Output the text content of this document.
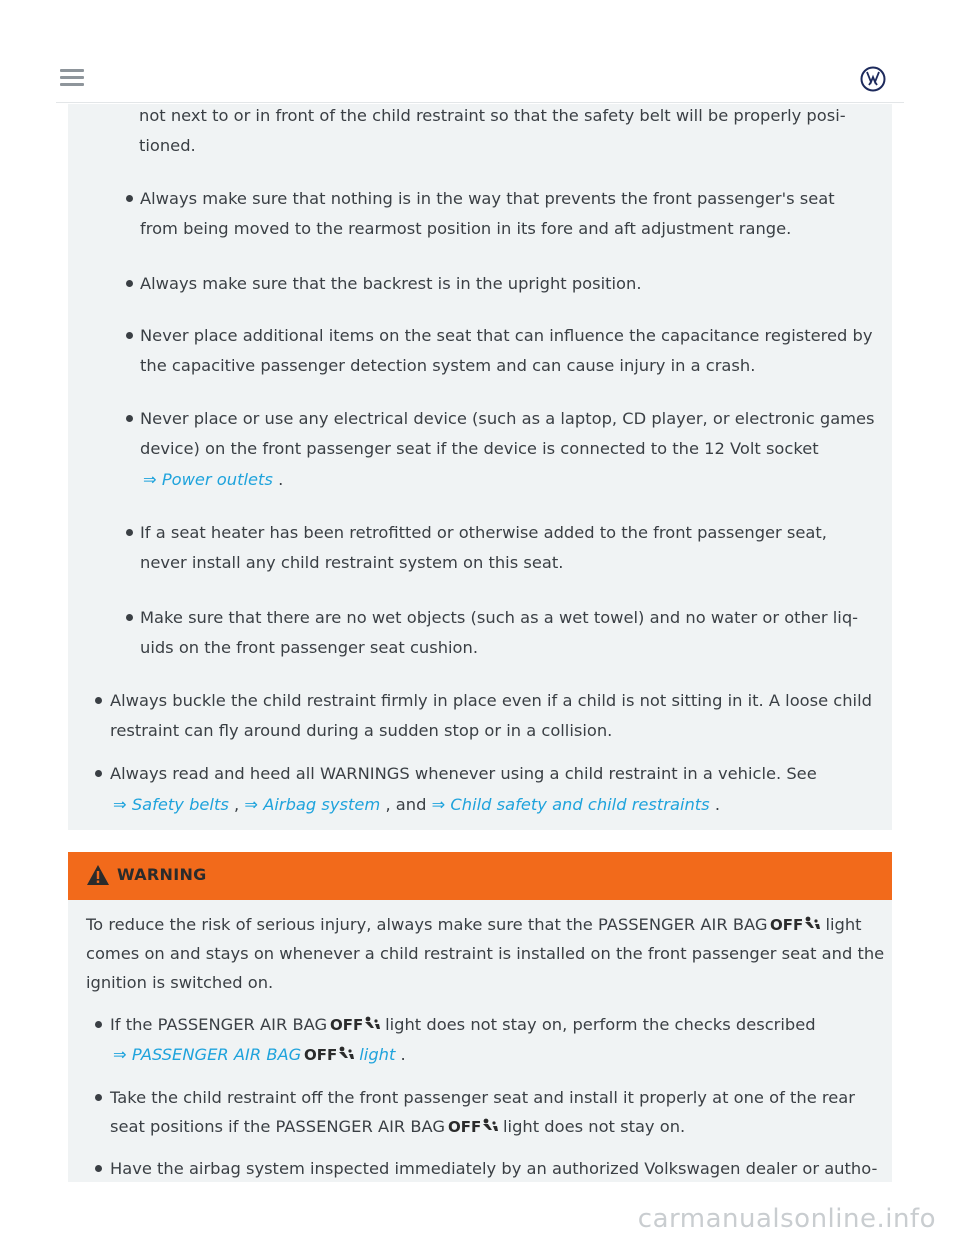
not next to or in front of the child restraint so that the safety belt will be properly posi-
tioned.
Always make sure that nothing is in the way that prevents the front passenger's seat
from being moved to the rearmost position in its fore and aft adjustment range.
Always make sure that the backrest is in the upright position.
Never place additional items on the seat that can influence the capacitance registered by
the capacitive passenger detection system and can cause injury in a crash.
Never place or use any electrical device (such as a laptop, CD player, or electronic games
device) on the front passenger seat if the device is connected to the 12 Volt socket
⇒ Power outlets .
If a seat heater has been retrofitted or otherwise added to the front passenger seat,
never install any child restraint system on this seat.
Make sure that there are no wet objects (such as a wet towel) and no water or other liq-
uids on the front passenger seat cushion.
Always buckle the child restraint firmly in place even if a child is not sitting in it. A loose child
restraint can fly around during a sudden stop or in a collision.
Always read and heed all WARNINGS whenever using a child restraint in a vehicle. See
⇒ Safety belts , ⇒ Airbag system , and ⇒ Child safety and child restraints .
WARNING
To reduce the risk of serious injury, always make sure that the PASSENGER AIR BAG OFF light
comes on and stays on whenever a child restraint is installed on the front passenger seat and the
ignition is switched on.
If the PASSENGER AIR BAG OFF light does not stay on, perform the checks described
⇒ PASSENGER AIR BAG OFF light .
Take the child restraint off the front passenger seat and install it properly at one of the rear
seat positions if the PASSENGER AIR BAG OFF light does not stay on.
Have the airbag system inspected immediately by an authorized Volkswagen dealer or autho-
carmanualsonline.info
